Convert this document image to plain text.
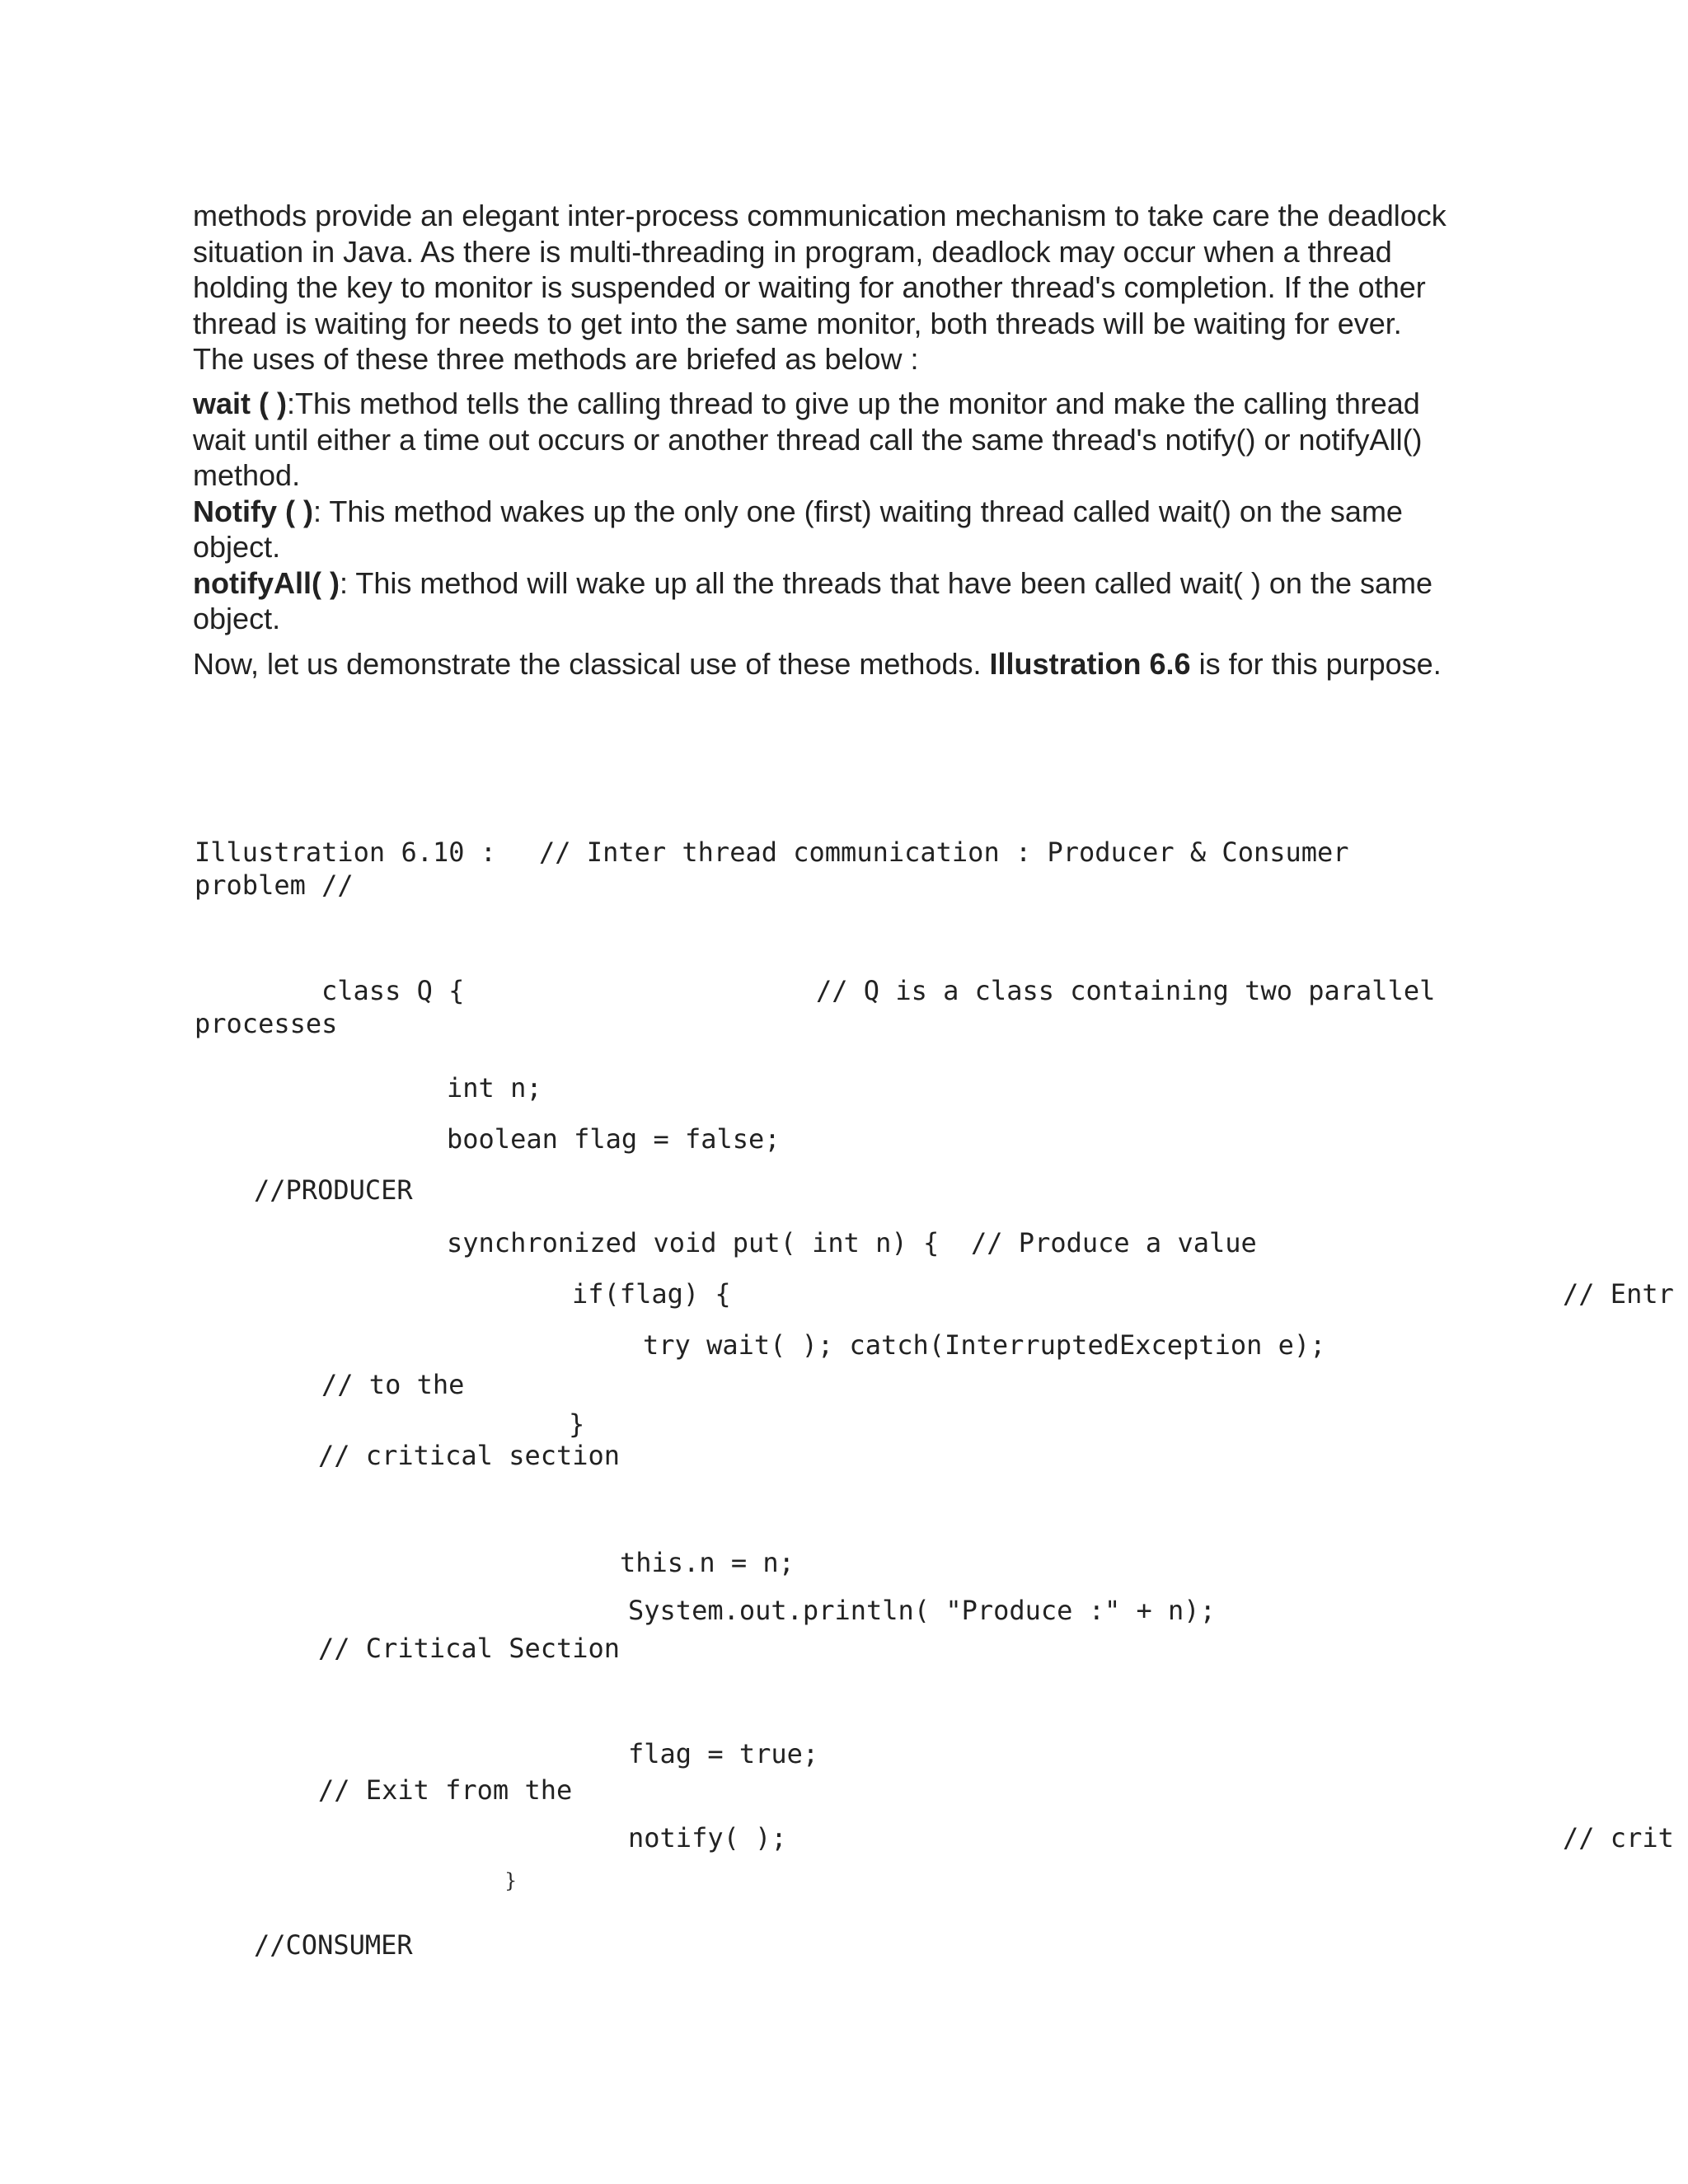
methods provide an elegant inter-process communication mechanism to take care the deadlock

situation in Java. As there is multi-threading in program, deadlock may occur when a thread

holding the key to monitor is suspended or waiting for another thread's completion. If the other

thread is waiting for needs to get into the same monitor, both threads will be waiting for ever.

The uses of these three methods are briefed as below :

wait ( ):This method tells the calling thread to give up the monitor and make the calling thread

wait until either a time out occurs or another thread call the same thread's notify() or notifyAll()

method.

Notify ( ): This method wakes up the only one (first) waiting thread called wait() on the same

object.

notifyAll( ): This method will wake up all the threads that have been called wait( ) on the same

object.

Now, let us demonstrate the classical use of these methods. Illustration 6.6 is for this purpose.

Illustration 6.10 : // Inter thread communication : Producer & Consumer
problem //
class Q {	// Q is a class containing two parallel
processes
int n;
boolean flag = false;
//PRODUCER
synchronized void put( int n) { // Produce a value
if(flag) {	// Entr
try wait( ); catch(InterruptedException e);
// to the
}
// critical section
this.n = n;
System.out.println( "Produce :" + n);
// Critical Section
flag = true;
// Exit from the
notify( );	// crit
}
//CONSUMER
